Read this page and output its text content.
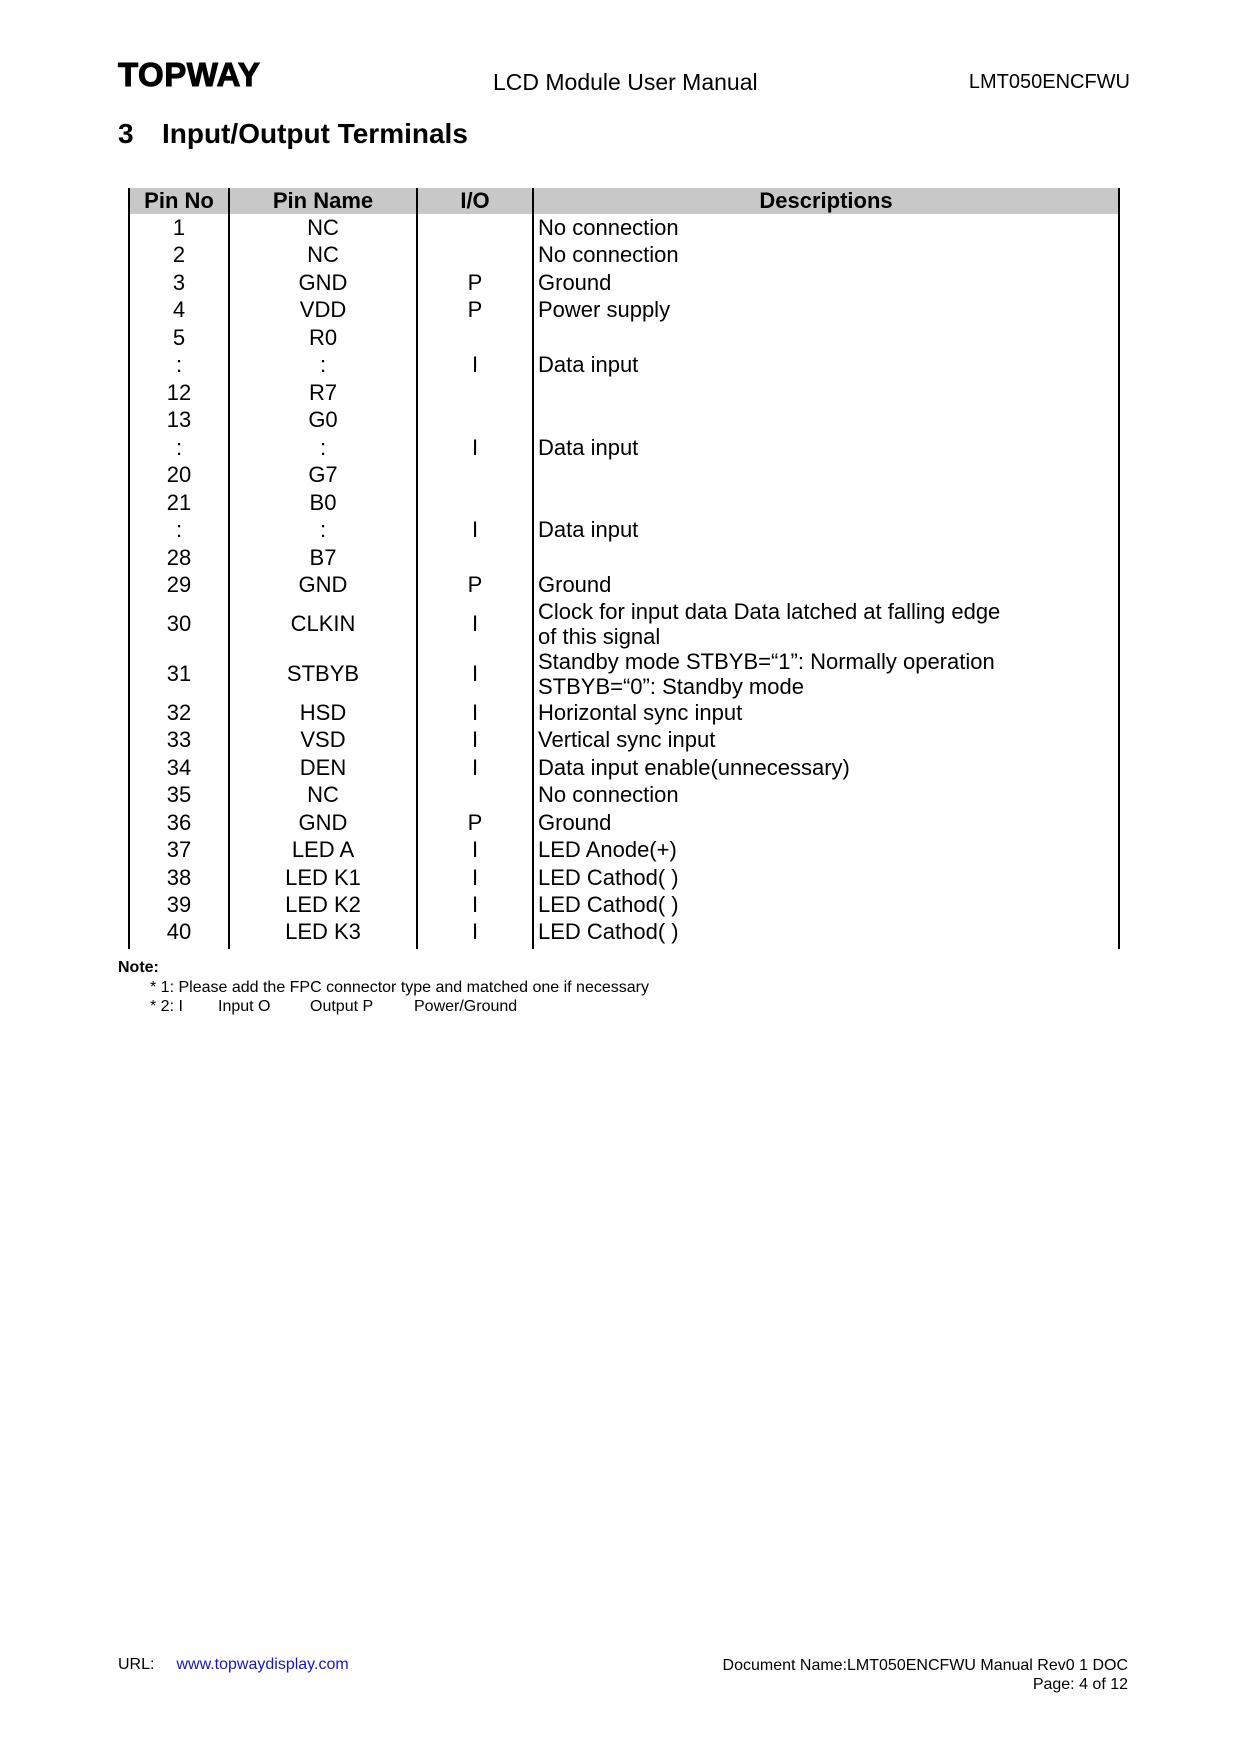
TOPWAY	LCD Module User Manual	LMT050ENCFWU
3 Input/Output Terminals
Pin No	Pin Name	I/O	Descriptions
1	NC		No connection

2	NC		No connection

3	GND	P	Ground

4	VDD	P	Power supply

5	R0		

:	:	I	Data input

12	R7		

13	G0		

:	:	I	Data input

20	G7		

21	B0		

:	:	I	Data input

28	B7		

29	GND	P	Ground

30	CLKIN	I	Clock for input data Data latched at falling edge
of this signal

31	STBYB	I	Standby mode STBYB=“1”: Normally operation
STBYB=“0”: Standby mode

32	HSD	I	Horizontal sync input

33	VSD	I	Vertical sync input

34	DEN	I	Data input enable(unnecessary)

35	NC		No connection

36	GND	P	Ground

37	LED A	I	LED Anode(+)

38	LED K1	I	LED Cathod( )

39	LED K2	I	LED Cathod( )

40	LED K3	I	LED Cathod( )
Note:
* 1: Please add the FPC connector type and matched one if necessary
* 2: I Input O Output P	Power/Ground
URL: www.topwaydisplay.com	Document Name:LMT050ENCFWU Manual Rev0 1 DOC
Page: 4 of 12
